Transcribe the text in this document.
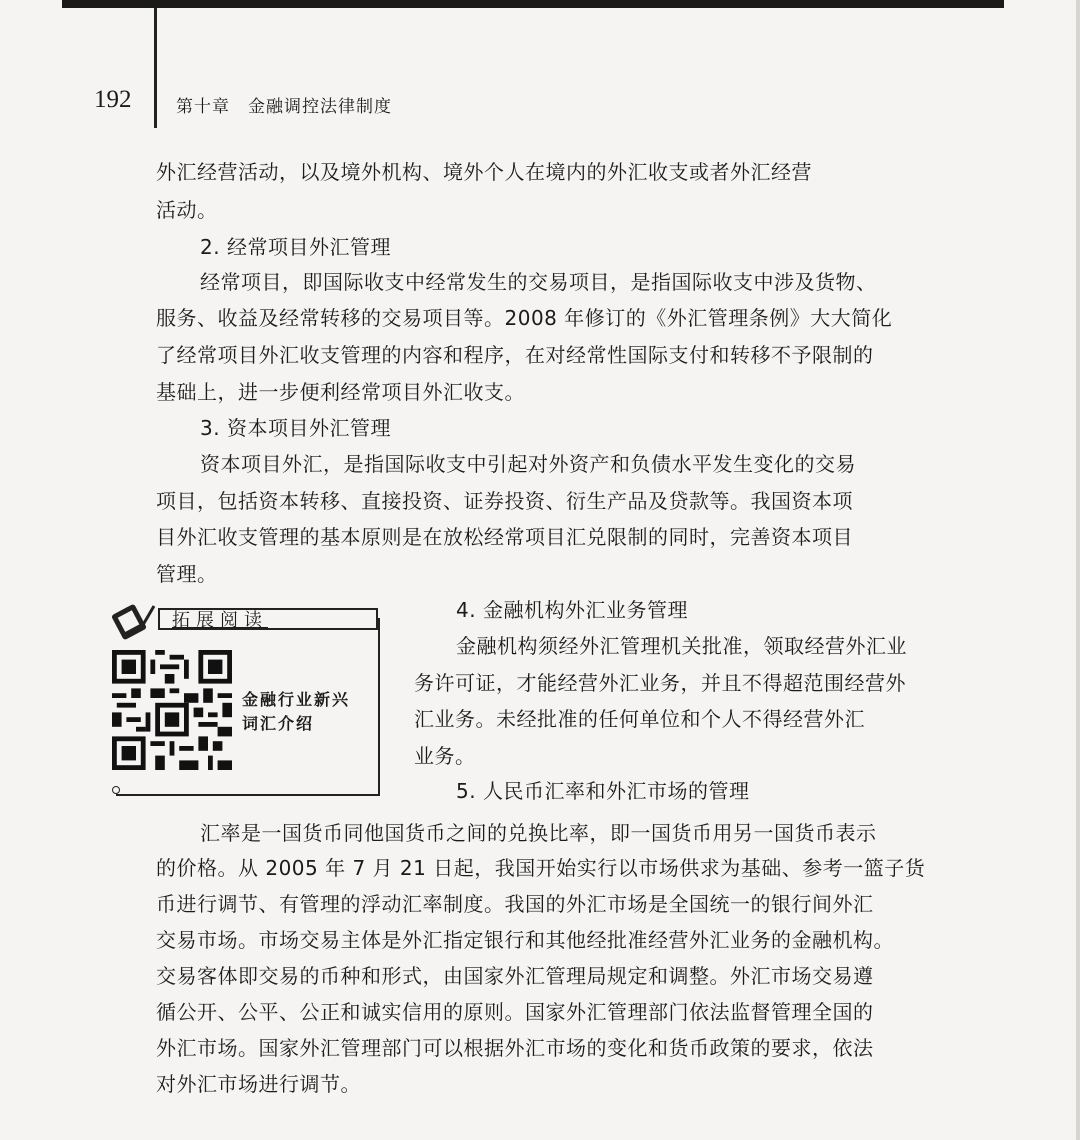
192	第十章　金融调控法律制度
外汇经营活动，以及境外机构、境外个人在境内的外汇收支或者外汇经营
活动。
2. 经常项目外汇管理
经常项目，即国际收支中经常发生的交易项目，是指国际收支中涉及货物、
服务、收益及经常转移的交易项目等。2008 年修订的《外汇管理条例》大大简化
了经常项目外汇收支管理的内容和程序，在对经常性国际支付和转移不予限制的
基础上，进一步便利经常项目外汇收支。
3. 资本项目外汇管理
资本项目外汇，是指国际收支中引起对外资产和负债水平发生变化的交易
项目，包括资本转移、直接投资、证券投资、衍生产品及贷款等。我国资本项
目外汇收支管理的基本原则是在放松经常项目汇兑限制的同时，完善资本项目
管理。
拓展阅读
金融行业新兴
词汇介绍
4. 金融机构外汇业务管理
金融机构须经外汇管理机关批准，领取经营外汇业
务许可证，才能经营外汇业务，并且不得超范围经营外
汇业务。未经批准的任何单位和个人不得经营外汇
业务。
5. 人民币汇率和外汇市场的管理
汇率是一国货币同他国货币之间的兑换比率，即一国货币用另一国货币表示
的价格。从 2005 年 7 月 21 日起，我国开始实行以市场供求为基础、参考一篮子货
币进行调节、有管理的浮动汇率制度。我国的外汇市场是全国统一的银行间外汇
交易市场。市场交易主体是外汇指定银行和其他经批准经营外汇业务的金融机构。
交易客体即交易的币种和形式，由国家外汇管理局规定和调整。外汇市场交易遵
循公开、公平、公正和诚实信用的原则。国家外汇管理部门依法监督管理全国的
外汇市场。国家外汇管理部门可以根据外汇市场的变化和货币政策的要求，依法
对外汇市场进行调节。
